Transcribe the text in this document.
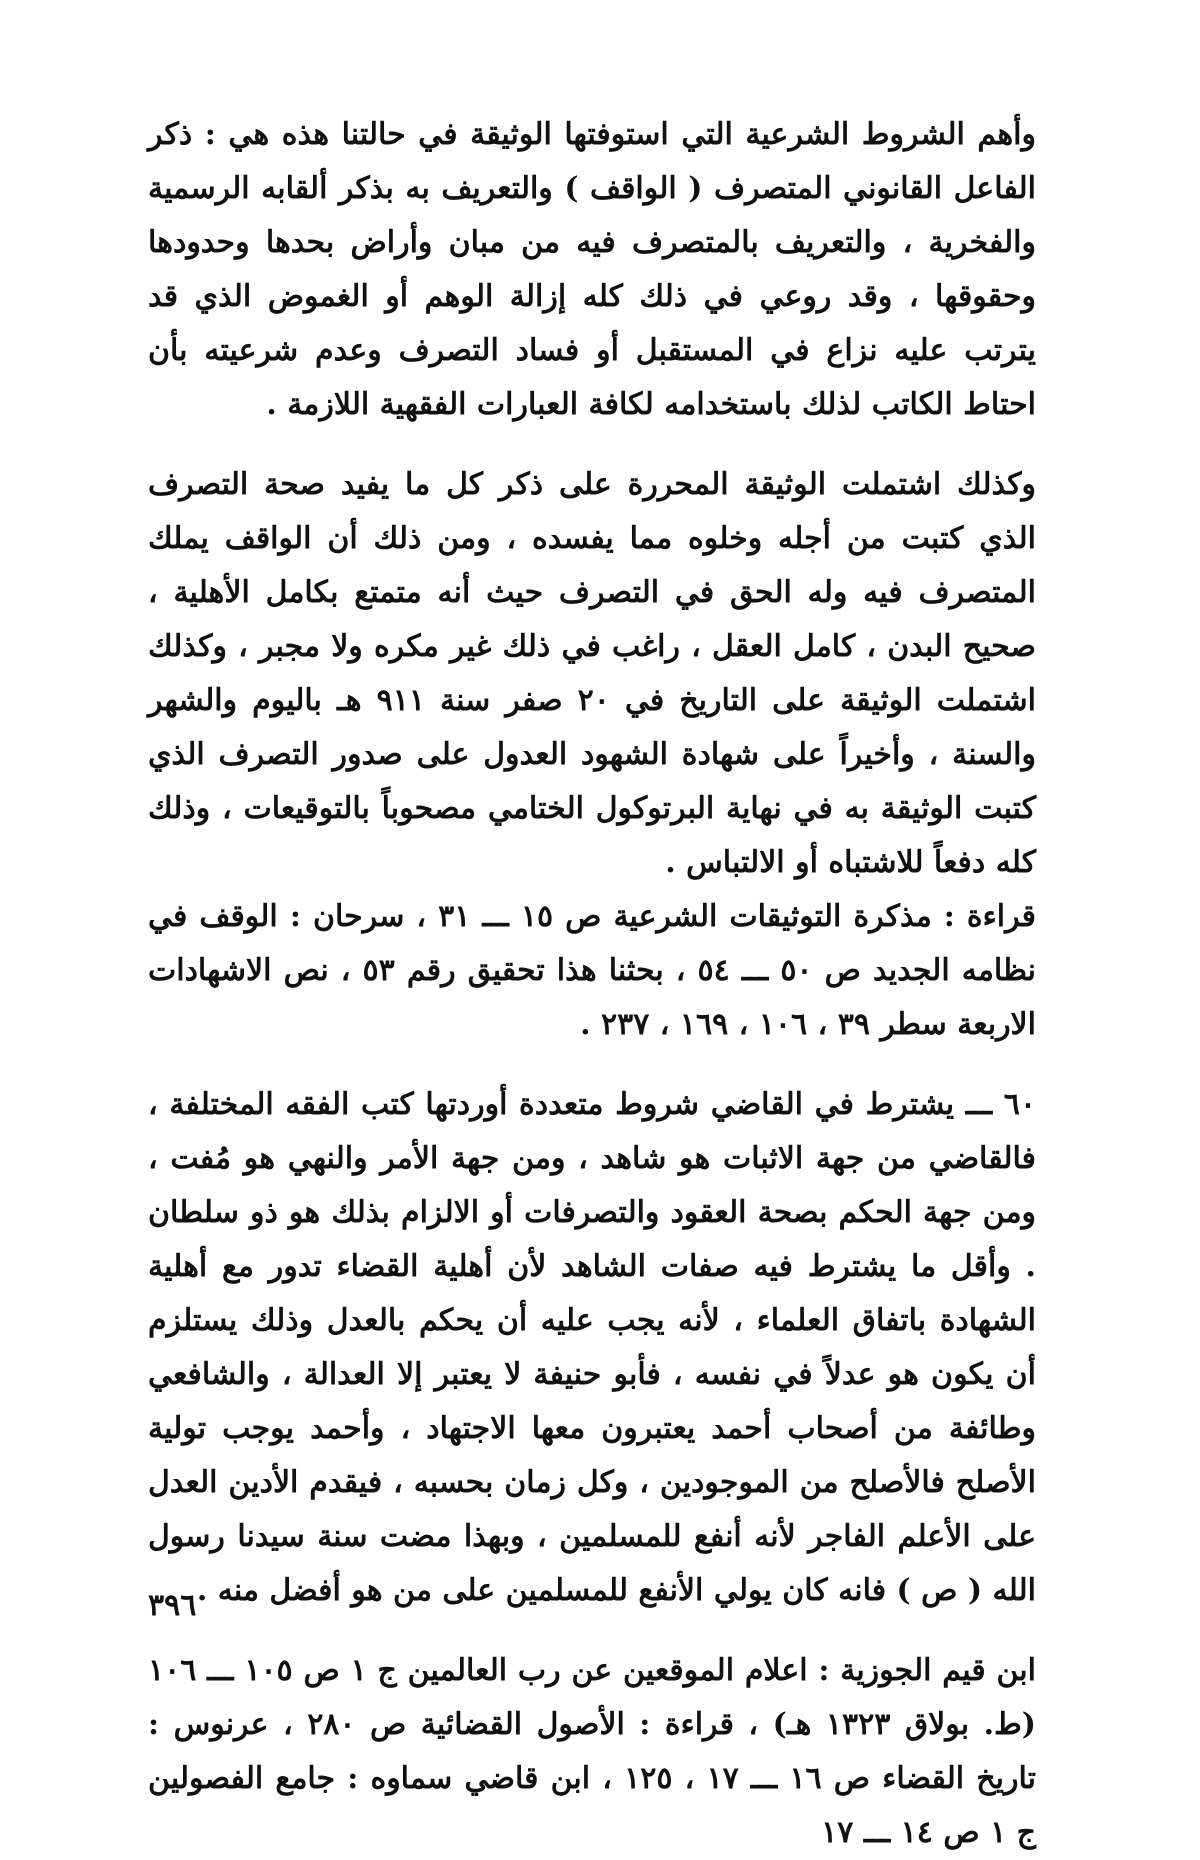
وأهم الشروط الشرعية التي استوفتها الوثيقة في حالتنا هذه هي : ذكر الفاعل القانوني المتصرف ( الواقف ) والتعريف به بذكر ألقابه الرسمية والفخرية ، والتعريف بالمتصرف فيه من مبان وأراض بحدها وحدودها وحقوقها ، وقد روعي في ذلك كله إزالة الوهم أو الغموض الذي قد يترتب عليه نزاع في المستقبل أو فساد التصرف وعدم شرعيته بأن احتاط الكاتب لذلك باستخدامه لكافة العبارات الفقهية اللازمة .

وكذلك اشتملت الوثيقة المحررة على ذكر كل ما يفيد صحة التصرف الذي كتبت من أجله وخلوه مما يفسده ، ومن ذلك أن الواقف يملك المتصرف فيه وله الحق في التصرف حيث أنه متمتع بكامل الأهلية ، صحيح البدن ، كامل العقل ، راغب في ذلك غير مكره ولا مجبر ، وكذلك اشتملت الوثيقة على التاريخ في ٢٠ صفر سنة ٩١١ هـ باليوم والشهر والسنة ، وأخيراً على شهادة الشهود العدول على صدور التصرف الذي كتبت الوثيقة به في نهاية البرتوكول الختامي مصحوباً بالتوقيعات ، وذلك كله دفعاً للاشتباه أو الالتباس .

قراءة : مذكرة التوثيقات الشرعية ص ١٥ ـــ ٣١ ، سرحان : الوقف في نظامه الجديد ص ٥٠ ـــ ٥٤ ، بحثنا هذا تحقيق رقم ٥٣ ، نص الاشهادات الاربعة سطر ٣٩ ، ١٠٦ ، ١٦٩ ، ٢٣٧ .

٦٠ ـــ يشترط في القاضي شروط متعددة أوردتها كتب الفقه المختلفة ، فالقاضي من جهة الاثبات هو شاهد ، ومن جهة الأمر والنهي هو مُفت ، ومن جهة الحكم بصحة العقود والتصرفات أو الالزام بذلك هو ذو سلطان . وأقل ما يشترط فيه صفات الشاهد لأن أهلية القضاء تدور مع أهلية الشهادة باتفاق العلماء ، لأنه يجب عليه أن يحكم بالعدل وذلك يستلزم أن يكون هو عدلاً في نفسه ، فأبو حنيفة لا يعتبر إلا العدالة ، والشافعي وطائفة من أصحاب أحمد يعتبرون معها الاجتهاد ، وأحمد يوجب تولية الأصلح فالأصلح من الموجودين ، وكل زمان بحسبه ، فيقدم الأدين العدل على الأعلم الفاجر لأنه أنفع للمسلمين ، وبهذا مضت سنة سيدنا رسول الله ( ص ) فانه كان يولي الأنفع للمسلمين على من هو أفضل منه .

ابن قيم الجوزية : اعلام الموقعين عن رب العالمين ج ١ ص ١٠٥ ـــ ١٠٦ (ط. بولاق ١٣٢٣ هـ) ، قراءة : الأصول القضائية ص ٢٨٠ ، عرنوس : تاريخ القضاء ص ١٦ ـــ ١٧ ، ١٢٥ ، ابن قاضي سماوه : جامع الفصولين ج ١ ص ١٤ ـــ ١٧

٣٩٦
